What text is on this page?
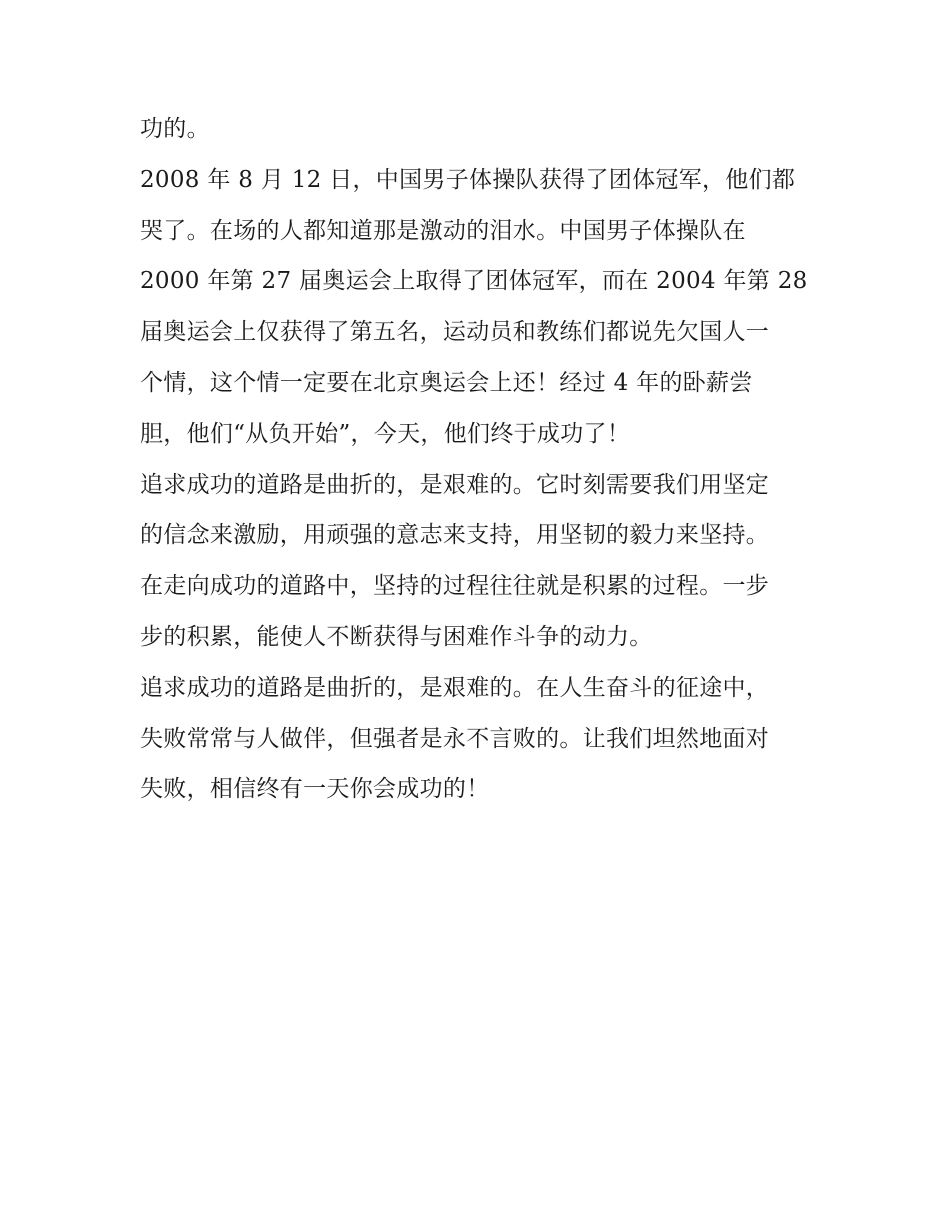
功的。
2008 年 8 月 12 日，中国男子体操队获得了团体冠军，他们都
哭了。在场的人都知道那是激动的泪水。中国男子体操队在
2000 年第 27 届奥运会上取得了团体冠军，而在 2004 年第 28
届奥运会上仅获得了第五名，运动员和教练们都说先欠国人一
个情，这个情一定要在北京奥运会上还！经过 4 年的卧薪尝
胆，他们“从负开始”，今天，他们终于成功了！
追求成功的道路是曲折的，是艰难的。它时刻需要我们用坚定
的信念来激励，用顽强的意志来支持，用坚韧的毅力来坚持。
在走向成功的道路中，坚持的过程往往就是积累的过程。一步
步的积累，能使人不断获得与困难作斗争的动力。
追求成功的道路是曲折的，是艰难的。在人生奋斗的征途中，
失败常常与人做伴，但强者是永不言败的。让我们坦然地面对
失败，相信终有一天你会成功的！
